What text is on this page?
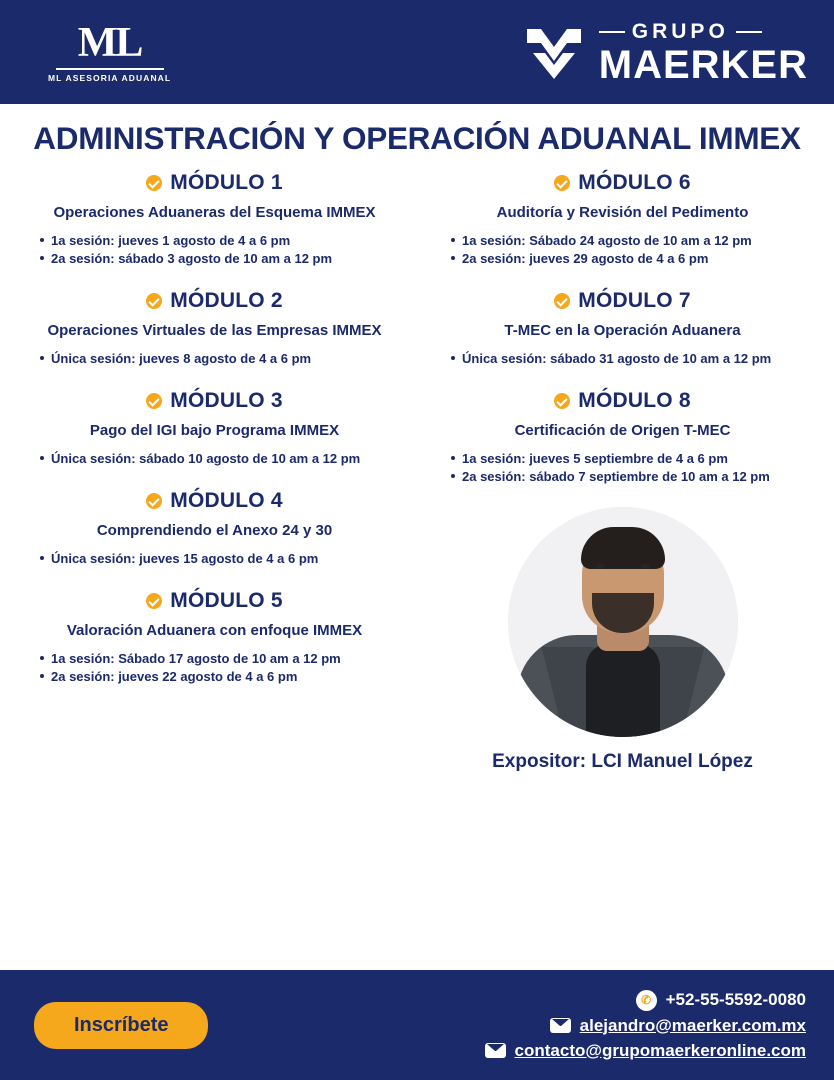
ML
ML ASESORIA ADUANAL
GRUPO
MAERKER
ADMINISTRACIÓN Y OPERACIÓN ADUANAL IMMEX
MÓDULO 1
Operaciones Aduaneras del Esquema IMMEX
1a sesión: jueves 1 agosto de 4 a 6 pm
2a sesión: sábado 3 agosto de 10 am a 12 pm
MÓDULO 2
Operaciones Virtuales de las Empresas IMMEX
Única sesión: jueves 8 agosto de 4 a 6 pm
MÓDULO 3
Pago del IGI bajo Programa IMMEX
Única sesión: sábado 10 agosto de 10 am a 12 pm
MÓDULO 4
Comprendiendo el Anexo 24 y 30
Única sesión: jueves 15 agosto de 4 a 6 pm
MÓDULO 5
Valoración Aduanera con enfoque IMMEX
1a sesión: Sábado 17 agosto de 10 am a 12 pm
2a sesión: jueves 22 agosto de 4 a 6 pm
MÓDULO 6
Auditoría y Revisión del Pedimento
1a sesión: Sábado 24 agosto de 10 am a 12 pm
2a sesión: jueves 29 agosto de 4 a 6 pm
MÓDULO 7
T-MEC en la Operación Aduanera
Única sesión: sábado 31 agosto de 10 am a 12 pm
MÓDULO 8
Certificación de Origen T-MEC
1a sesión: jueves 5 septiembre de 4 a 6 pm
2a sesión: sábado 7 septiembre de 10 am a 12 pm
Expositor: LCI Manuel López
Inscríbete
✆ +52-55-5592-0080
alejandro@maerker.com.mx
contacto@grupomaerkeronline.com
